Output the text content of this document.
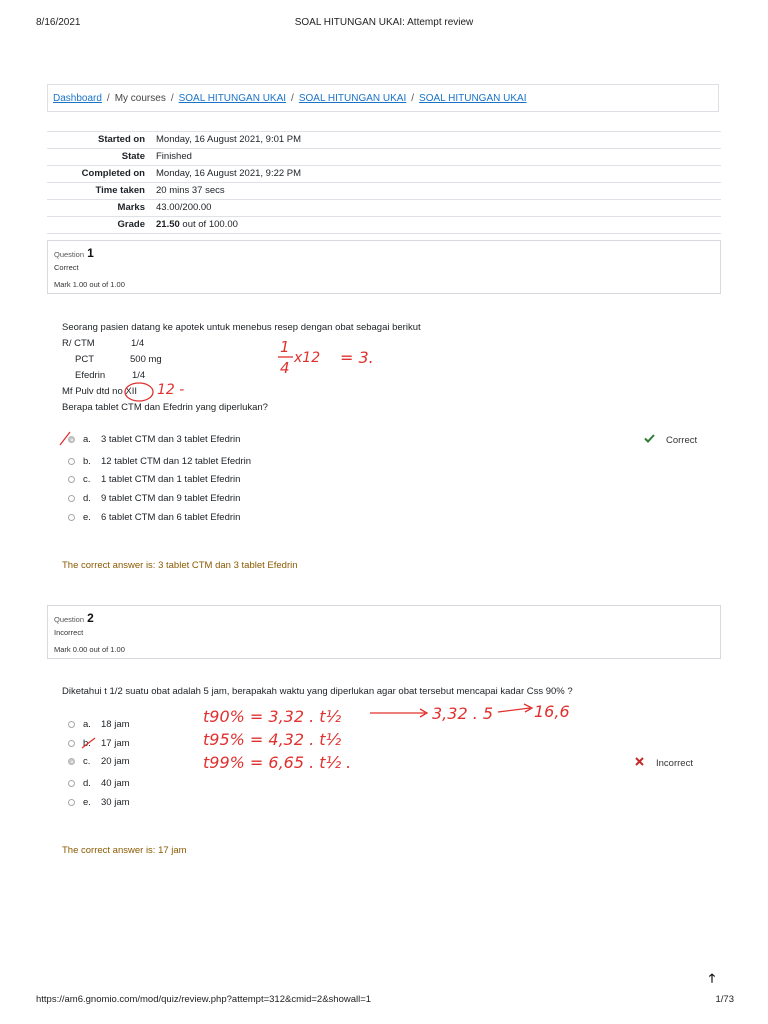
8/16/2021	SOAL HITUNGAN UKAI: Attempt review
Dashboard / My courses / SOAL HITUNGAN UKAI / SOAL HITUNGAN UKAI / SOAL HITUNGAN UKAI
Started on Monday, 16 August 2021, 9:01 PM
State Finished
Completed on Monday, 16 August 2021, 9:22 PM
Time taken 20 mins 37 secs
Marks 43.00/200.00
Grade 21.50 out of 100.00
Question 1
Correct
Mark 1.00 out of 1.00
Seorang pasien datang ke apotek untuk menebus resep dengan obat sebagai berikut
R/ CTM	1/4
PCT	500 mg
Efedrin	1/4
Mf Pulv dtd no XII
Berapa tablet CTM dan Efedrin yang diperlukan?
a. 3 tablet CTM dan 3 tablet Efedrin
b. 12 tablet CTM dan 12 tablet Efedrin
c. 1 tablet CTM dan 1 tablet Efedrin
d. 9 tablet CTM dan 9 tablet Efedrin
e. 6 tablet CTM dan 6 tablet Efedrin
Correct
The correct answer is: 3 tablet CTM dan 3 tablet Efedrin
Question 2
Incorrect
Mark 0.00 out of 1.00
Diketahui t 1/2 suatu obat adalah 5 jam, berapakah waktu yang diperlukan agar obat tersebut mencapai kadar Css 90% ?
a. 18 jam
b. 17 jam
c. 20 jam
d. 40 jam
e. 30 jam
Incorrect
The correct answer is: 17 jam
1
4
x12 = 3.
12 -
t90% = 3,32 . t½	3,32 . 5	16,6
t95% = 4,32 . t½
t99% = 6,65 . t½ .
🡑
https://am6.gnomio.com/mod/quiz/review.php?attempt=312&cmid=2&showall=1	1/73
